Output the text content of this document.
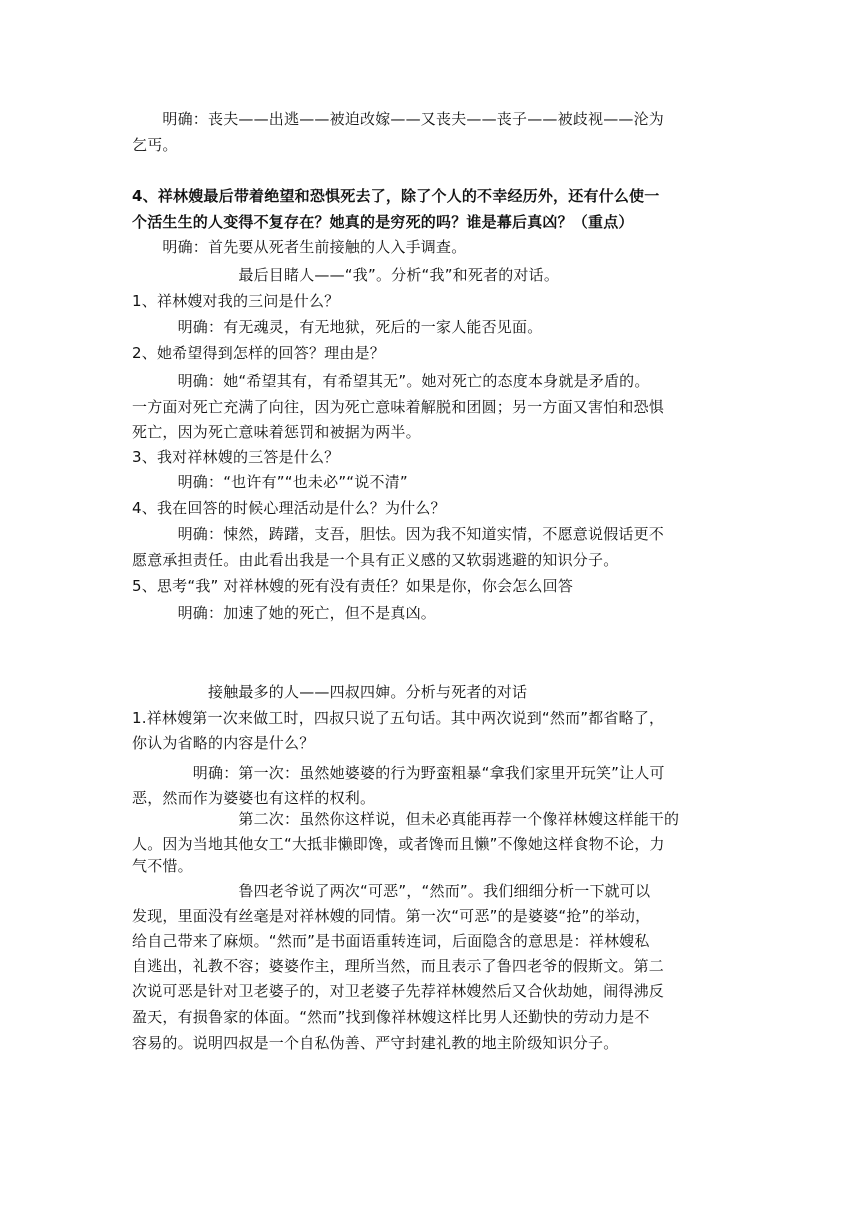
　　明确：丧夫——出逃——被迫改嫁——又丧夫——丧子——被歧视——沦为
乞丐。
4、祥林嫂最后带着绝望和恐惧死去了，除了个人的不幸经历外，还有什么使一
个活生生的人变得不复存在？她真的是穷死的吗？谁是幕后真凶？（重点）
　　明确：首先要从死者生前接触的人入手调查。
　　　　　　　最后目睹人——“我”。分析“我”和死者的对话。
1、祥林嫂对我的三问是什么？
　　　明确：有无魂灵，有无地狱，死后的一家人能否见面。
2、她希望得到怎样的回答？理由是？
　　　明确：她“希望其有，有希望其无”。她对死亡的态度本身就是矛盾的。
一方面对死亡充满了向往，因为死亡意味着解脱和团圆；另一方面又害怕和恐惧
死亡，因为死亡意味着惩罚和被据为两半。
3、我对祥林嫂的三答是什么？
　　　明确：“也许有”“也未必”“说不清”
4、我在回答的时候心理活动是什么？为什么？
　　　明确：悚然，踌躇，支吾，胆怯。因为我不知道实情，不愿意说假话更不
愿意承担责任。由此看出我是一个具有正义感的又软弱逃避的知识分子。
5、思考“我” 对祥林嫂的死有没有责任？如果是你，你会怎么回答
　　　明确：加速了她的死亡，但不是真凶。
　　　　　接触最多的人——四叔四婶。分析与死者的对话
1.祥林嫂第一次来做工时，四叔只说了五句话。其中两次说到“然而”都省略了，
你认为省略的内容是什么？
　　　　明确：第一次：虽然她婆婆的行为野蛮粗暴“拿我们家里开玩笑”让人可
恶，然而作为婆婆也有这样的权利。
　　　　　　　第二次：虽然你这样说，但未必真能再荐一个像祥林嫂这样能干的
人。因为当地其他女工“大抵非懒即馋，或者馋而且懒”不像她这样食物不论，力
气不惜。
　　　　　　　鲁四老爷说了两次“可恶”，“然而”。我们细细分析一下就可以
发现，里面没有丝毫是对祥林嫂的同情。第一次“可恶”的是婆婆“抢”的举动，
给自己带来了麻烦。“然而”是书面语重转连词，后面隐含的意思是：祥林嫂私
自逃出，礼教不容；婆婆作主，理所当然，而且表示了鲁四老爷的假斯文。第二
次说可恶是针对卫老婆子的，对卫老婆子先荐祥林嫂然后又合伙劫她，闹得沸反
盈天，有损鲁家的体面。“然而”找到像祥林嫂这样比男人还勤快的劳动力是不
容易的。说明四叔是一个自私伪善、严守封建礼教的地主阶级知识分子。
